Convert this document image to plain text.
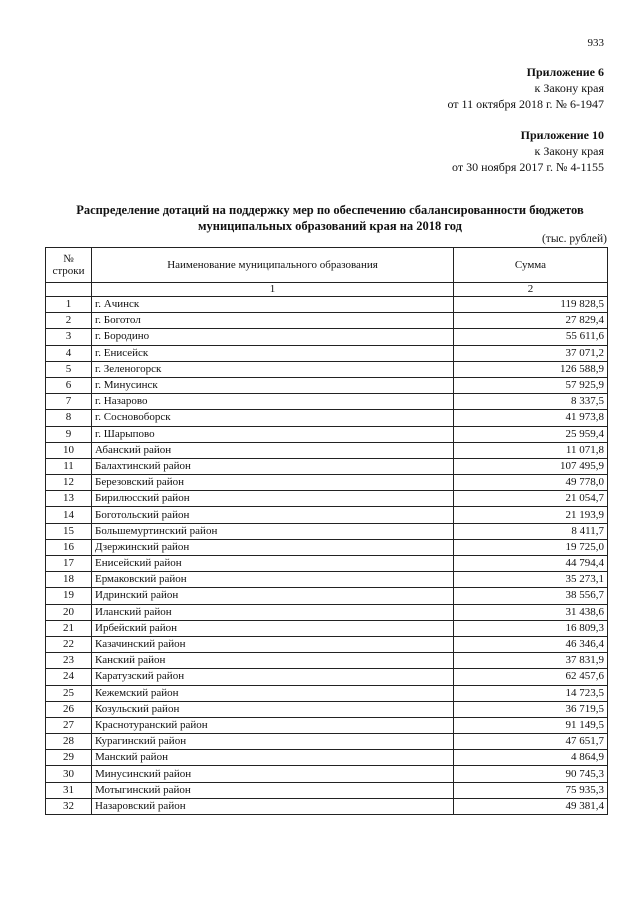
933
Приложение 6
к Закону края
от 11 октября 2018 г. № 6-1947
Приложение 10
к Закону края
от 30 ноября 2017 г. № 4-1155
Распределение дотаций на поддержку мер по обеспечению сбалансированности бюджетов
муниципальных образований края на 2018 год
(тыс. рублей)
№
строки	Наименование муниципального образования	Сумма
	1	2
1	г. Ачинск	119 828,5
2	г. Боготол	27 829,4
3	г. Бородино	55 611,6
4	г. Енисейск	37 071,2
5	г. Зеленогорск	126 588,9
6	г. Минусинск	57 925,9
7	г. Назарово	8 337,5
8	г. Сосновоборск	41 973,8
9	г. Шарыпово	25 959,4
10	Абанский район	11 071,8
11	Балахтинский район	107 495,9
12	Березовский район	49 778,0
13	Бирилюсский район	21 054,7
14	Боготольский район	21 193,9
15	Большемуртинский район	8 411,7
16	Дзержинский район	19 725,0
17	Енисейский район	44 794,4
18	Ермаковский район	35 273,1
19	Идринский район	38 556,7
20	Иланский район	31 438,6
21	Ирбейский район	16 809,3
22	Казачинский район	46 346,4
23	Канский район	37 831,9
24	Каратузский район	62 457,6
25	Кежемский район	14 723,5
26	Козульский район	36 719,5
27	Краснотуранский район	91 149,5
28	Курагинский район	47 651,7
29	Манский район	4 864,9
30	Минусинский район	90 745,3
31	Мотыгинский район	75 935,3
32	Назаровский район	49 381,4
